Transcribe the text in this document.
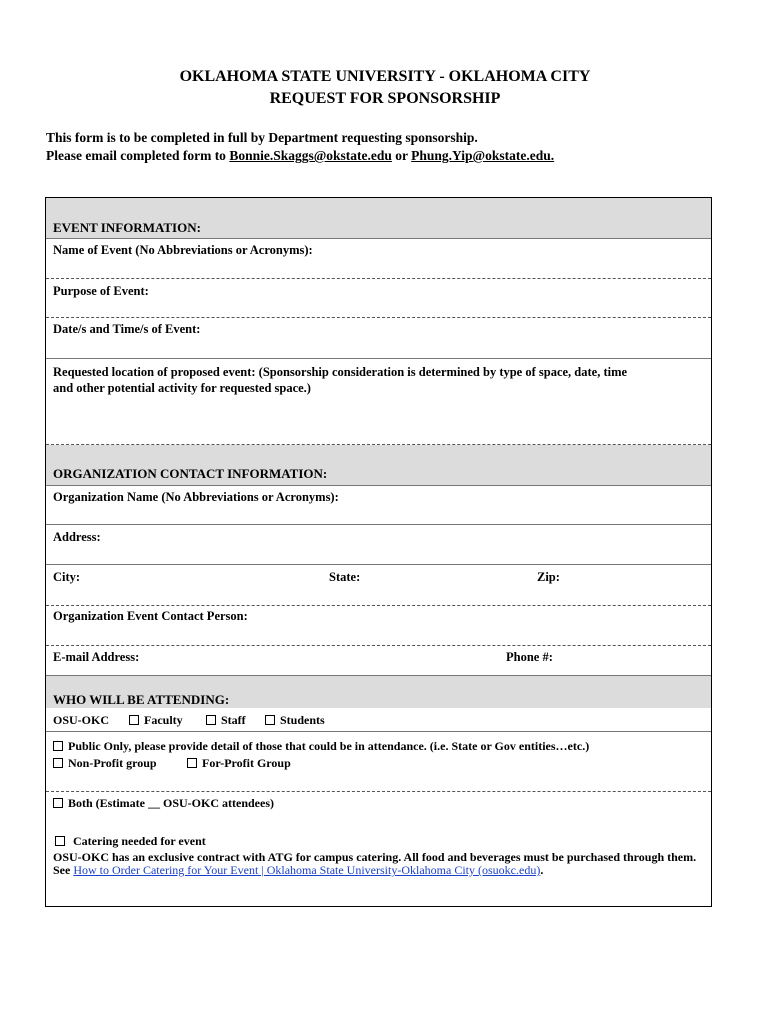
OKLAHOMA STATE UNIVERSITY - OKLAHOMA CITY
REQUEST FOR SPONSORSHIP
This form is to be completed in full by Department requesting sponsorship.
Please email completed form to Bonnie.Skaggs@okstate.edu or Phung.Yip@okstate.edu.
EVENT INFORMATION:
Name of Event (No Abbreviations or Acronyms):
Purpose of Event:
Date/s and Time/s of Event:
Requested location of proposed event: (Sponsorship consideration is determined by type of space, date, time
and other potential activity for requested space.)
ORGANIZATION CONTACT INFORMATION:
Organization Name (No Abbreviations or Acronyms):
Address:
City:	State:	Zip:
Organization Event Contact Person:
E-mail Address:	Phone #:
WHO WILL BE ATTENDING:
OSU-OKC	Faculty	Staff	Students
Public Only, please provide detail of those that could be in attendance. (i.e. State or Gov entities…etc.)
Non-Profit group	For-Profit Group
Both (Estimate __ OSU-OKC attendees)
Catering needed for event
OSU-OKC has an exclusive contract with ATG for campus catering. All food and beverages must be purchased through them. See How to Order Catering for Your Event | Oklahoma State University-Oklahoma City (osuokc.edu).
